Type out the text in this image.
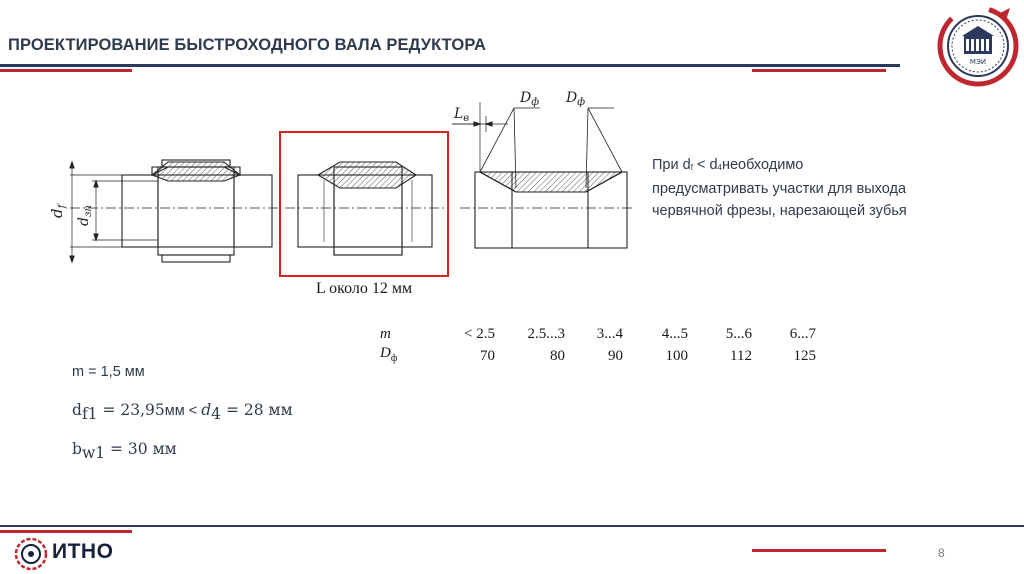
ПРОЕКТИРОВАНИЕ БЫСТРОХОДНОГО ВАЛА РЕДУКТОРА
МЭИ
$d_f$
$d_{зп}$
$L_в$
$D_ф$ $D_ф$
L около 12 мм
При $d_f$ < $d_4необходимо$
предусматривать участки для выхода
червячной фрезы, нарезающей зубья
m	< 2.5	2.5...3	3...4	4...5	5...6	6...7
$D_ф$	70	80	90	100	112	125
m = 1,5 мм
$d_{f1} = 23,95мм < d_4 = 28$ мм
$b_{w1} = 30$ мм
ИТНО	8
